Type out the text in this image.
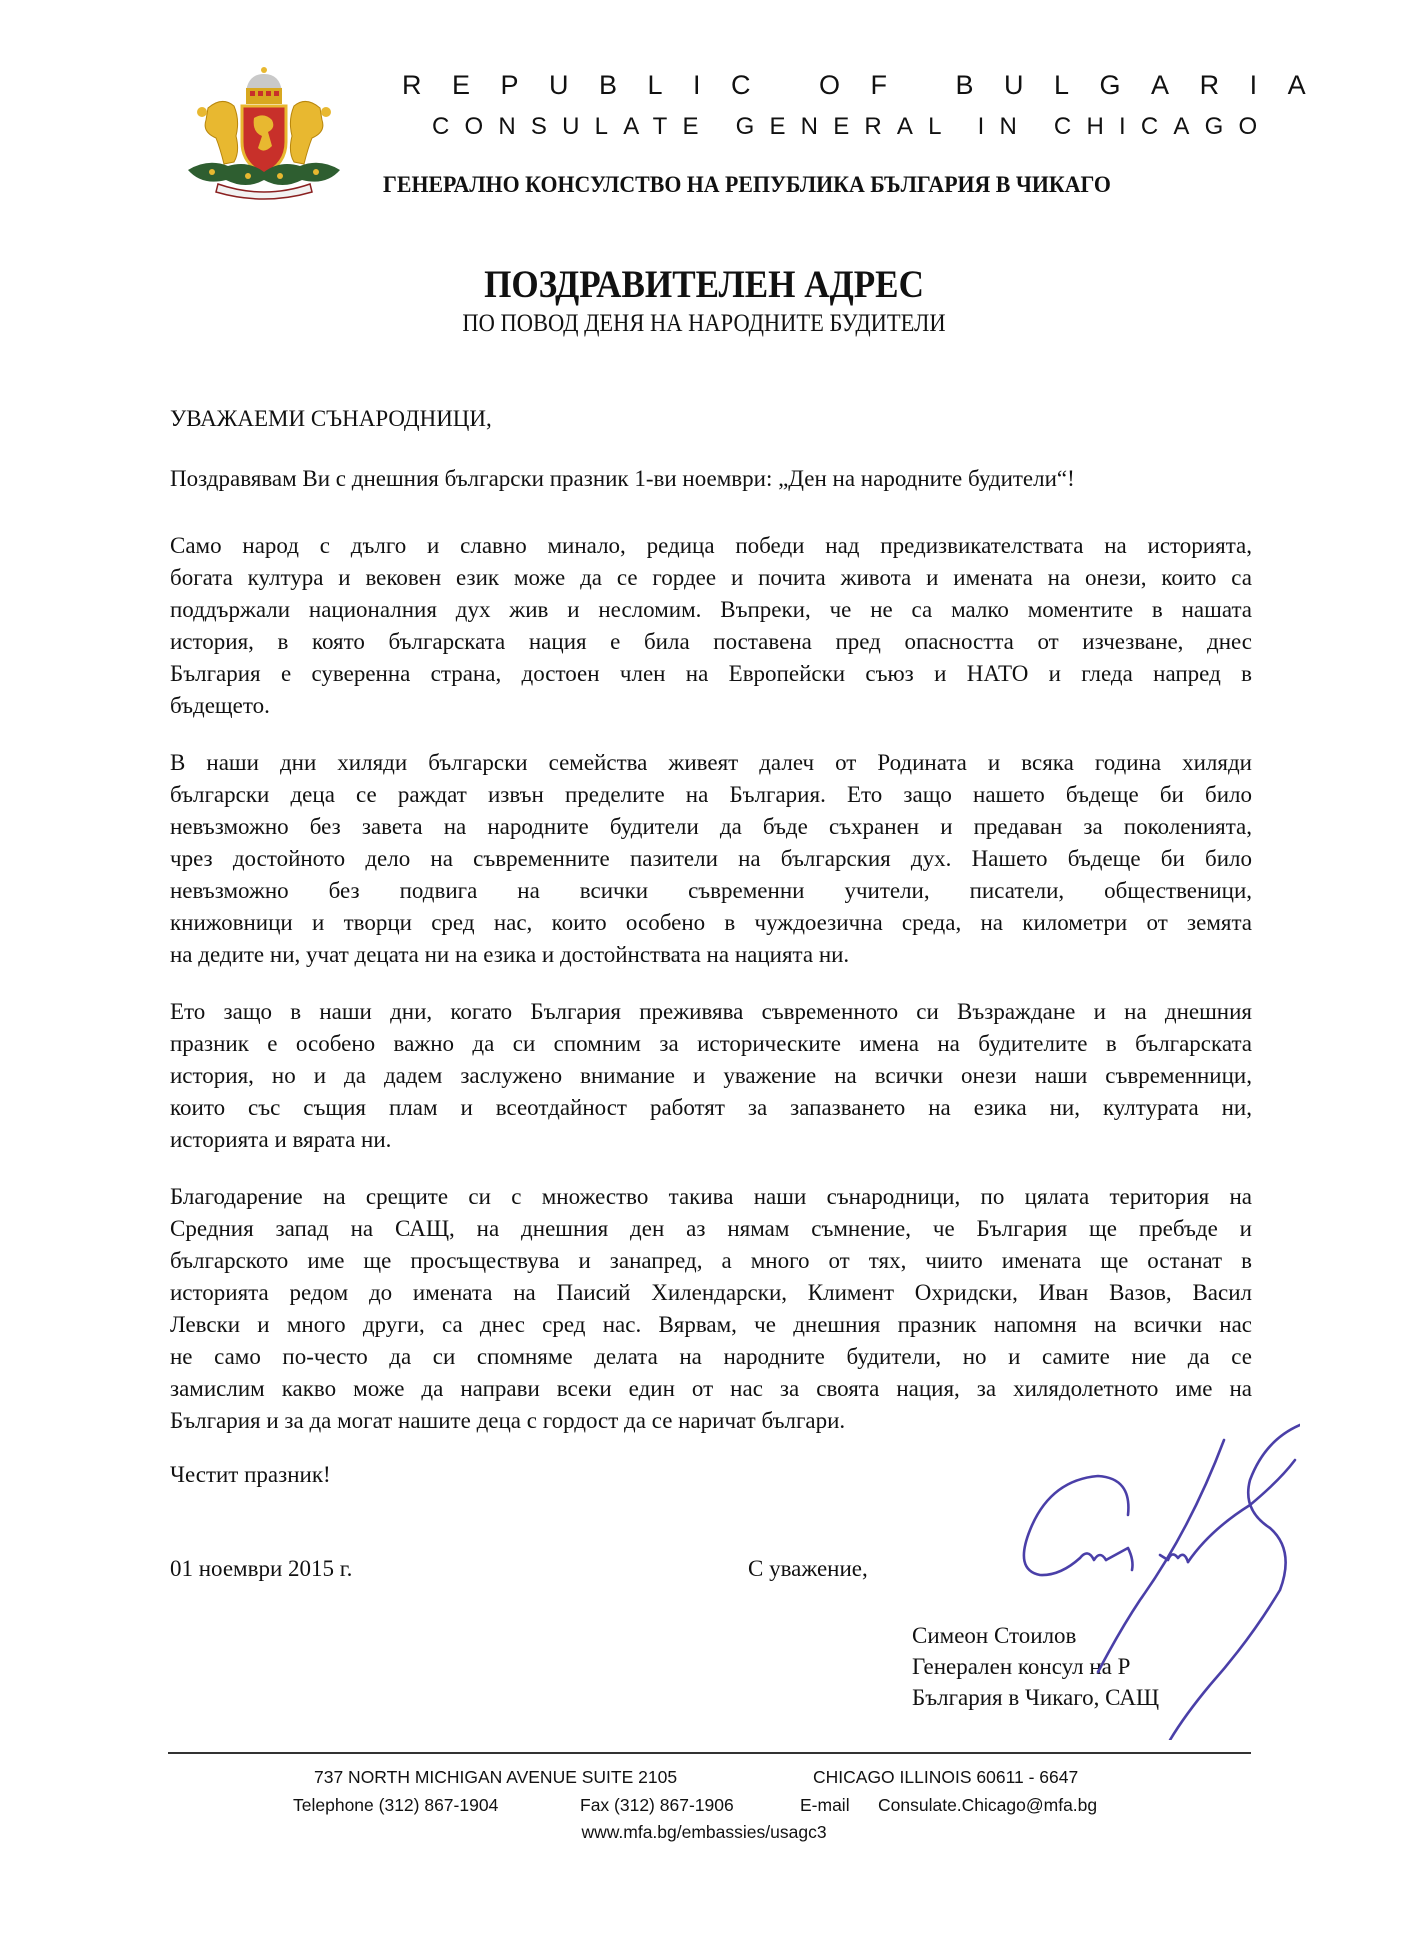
REPUBLIC OF BULGARIA
CONSULATE GENERAL IN CHICAGO
ГЕНЕРАЛНО КОНСУЛСТВО НА РЕПУБЛИКА БЪЛГАРИЯ В ЧИКАГО
ПОЗДРАВИТЕЛЕН АДРЕС
ПО ПОВОД ДЕНЯ НА НАРОДНИТЕ БУДИТЕЛИ
УВАЖАЕМИ СЪНАРОДНИЦИ,
Поздравявам Ви с днешния български празник 1-ви ноември: „Ден на народните будители“!
Само народ с дълго и славно минало, редица победи над предизвикателствата на историята,
богата култура и вековен език може да се гордее и почита живота и имената на онези, които са
поддържали националния дух жив и несломим. Въпреки, че не са малко моментите в нашата
история, в която българската нация е била поставена пред опасността от изчезване, днес
България е суверенна страна, достоен член на Европейски съюз и НАТО и гледа напред в
бъдещето.
В наши дни хиляди български семейства живеят далеч от Родината и всяка година хиляди
български деца се раждат извън пределите на България. Ето защо нашето бъдеще би било
невъзможно без завета на народните будители да бъде съхранен и предаван за поколенията,
чрез достойното дело на съвременните пазители на българския дух. Нашето бъдеще би било
невъзможно без подвига на всички съвременни учители, писатели, общественици,
книжовници и творци сред нас, които особено в чуждоезична среда, на километри от земята
на дедите ни, учат децата ни на езика и достойнствата на нацията ни.
Ето защо в наши дни, когато България преживява съвременното си Възраждане и на днешния
празник е особено важно да си спомним за историческите имена на будителите в българската
история, но и да дадем заслужено внимание и уважение на всички онези наши съвременници,
които със същия плам и всеотдайност работят за запазването на езика ни, културата ни,
историята и вярата ни.
Благодарение на срещите си с множество такива наши сънародници, по цялата територия на
Средния запад на САЩ, на днешния ден аз нямам съмнение, че България ще пребъде и
българското име ще просъществува и занапред, а много от тях, чиито имената ще останат в
историята редом до имената на Паисий Хилендарски, Климент Охридски, Иван Вазов, Васил
Левски и много други, са днес сред нас. Вярвам, че днешния празник напомня на всички нас
не само по-често да си спомняме делата на народните будители, но и самите ние да се
замислим какво може да направи всеки един от нас за своята нация, за хилядолетното име на
България и за да могат нашите деца с гордост да се наричат българи.
Честит празник!
01 ноември 2015 г.	С уважение,
Симеон Стоилов
Генерален консул на Р
България в Чикаго, САЩ
737 NORTH MICHIGAN AVENUE SUITE 2105	CHICAGO ILLINOIS 60611 - 6647
Telephone (312) 867-1904	Fax (312) 867-1906	E-mail Consulate.Chicago@mfa.bg
www.mfa.bg/embassies/usagc3
